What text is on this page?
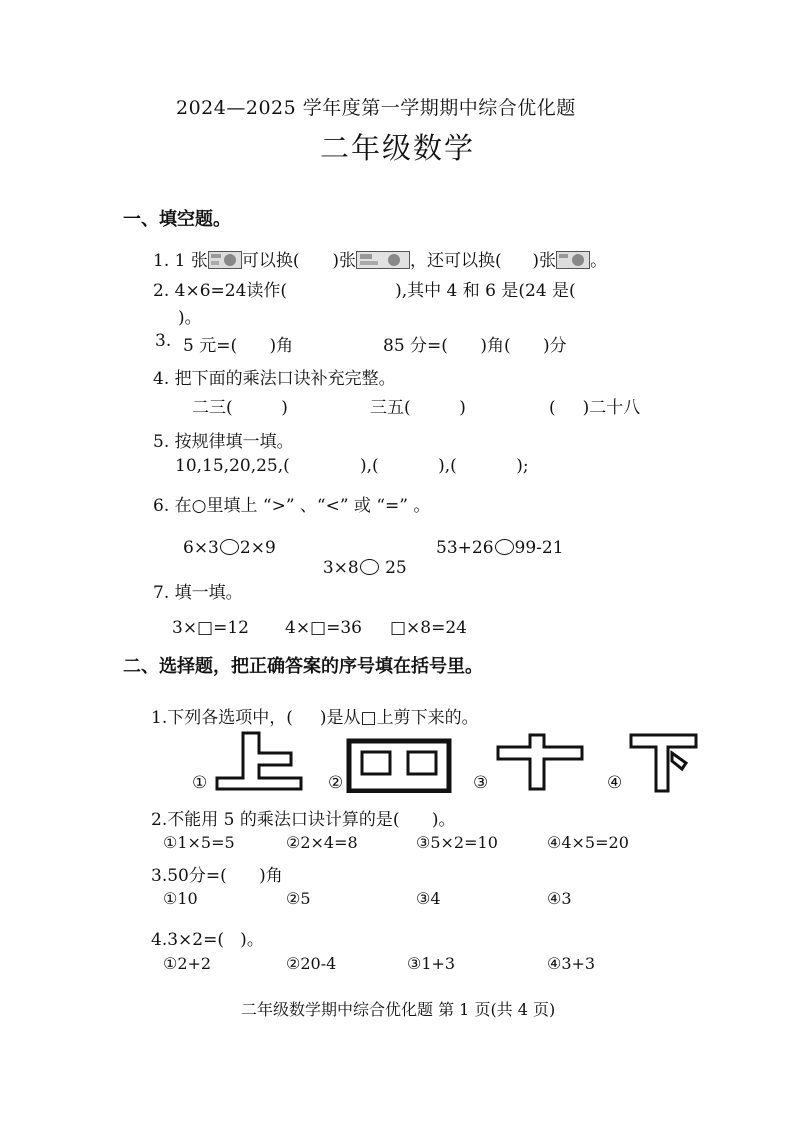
2024—2025 学年度第一学期期中综合优化题
二年级数学
一、填空题。
1. 1 张 可以换( )张	，还可以换( )张 。
2. 4×6=24读作(                    ),其中 4 和 6 是(24 是(
)。
3. 5 元=(      )角	85 分=(      )角(      )分
4. 把下面的乘法口诀补充完整。
二三(         )	三五(         )	(     )二十八
5. 按规律填一填。
10,15,20,25,(             ),(           ),(           );
6. 在○里填上 “>” 、“<” 或 “=” 。
6×3 2×9

3×8 25

53+26 99-21
7. 填一填。
3×□=12 4×□=36 □×8=24
二、选择题，把正确答案的序号填在括号里。
1.下列各选项中，(     )是从□上剪下来的。
①	②	③	④
2.不能用 5 的乘法口诀计算的是(      )。
①1×5=5	②2×4=8	③5×2=10	④4×5=20
3.50分=(      )角
①10	②5	③4	④3
4.3×2=(   )。
①2+2	②20-4	③1+3	④3+3
二年级数学期中综合优化题 第 1 页(共 4 页)
